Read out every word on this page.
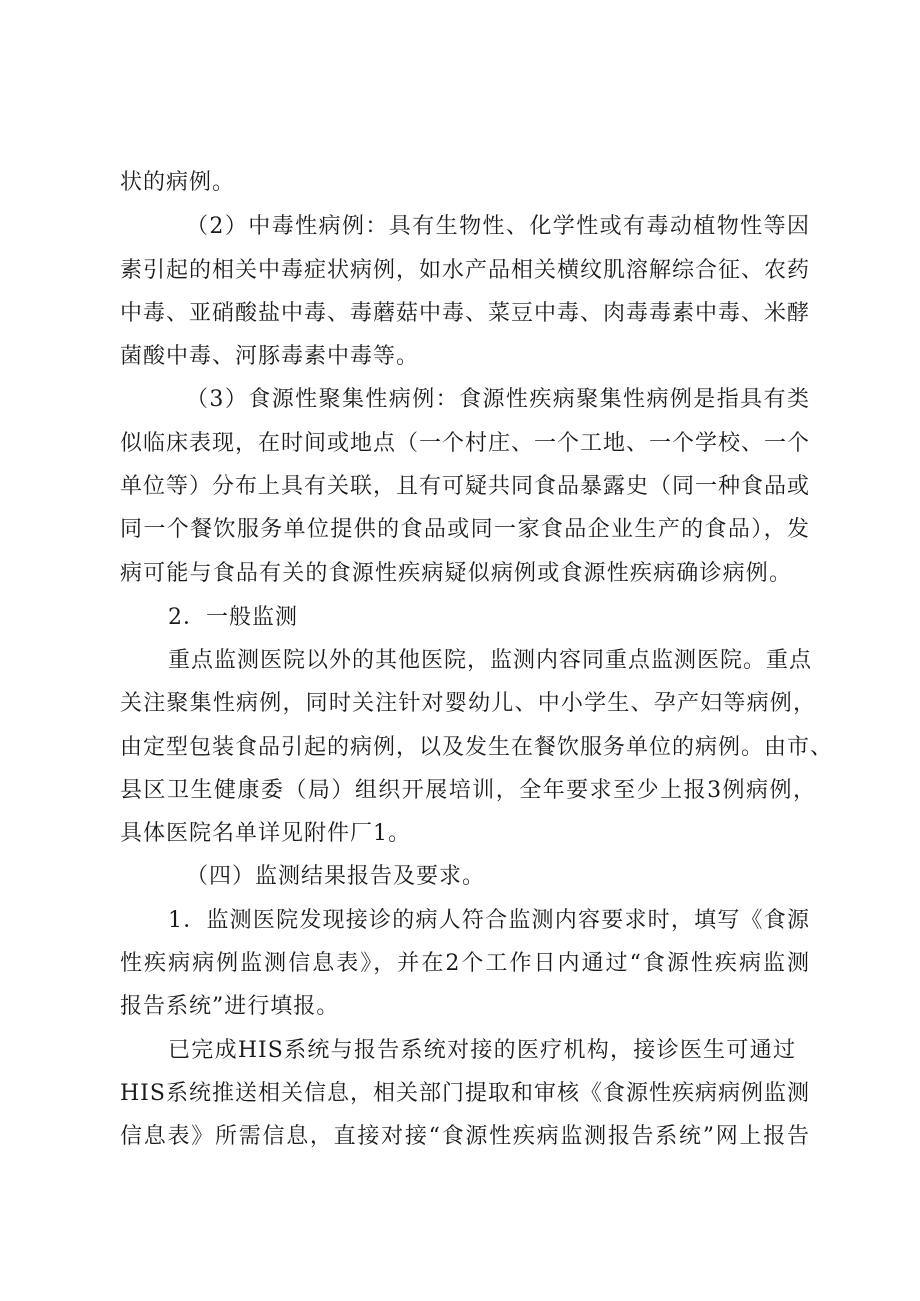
状的病例。
（2）中毒性病例：具有生物性、化学性或有毒动植物性等因
素引起的相关中毒症状病例，如水产品相关横纹肌溶解综合征、农药
中毒、亚硝酸盐中毒、毒蘑菇中毒、菜豆中毒、肉毒毒素中毒、米酵
菌酸中毒、河豚毒素中毒等。
（3）食源性聚集性病例：食源性疾病聚集性病例是指具有类
似临床表现，在时间或地点（一个村庄、一个工地、一个学校、一个
单位等）分布上具有关联，且有可疑共同食品暴露史（同一种食品或
同一个餐饮服务单位提供的食品或同一家食品企业生产的食品），发
病可能与食品有关的食源性疾病疑似病例或食源性疾病确诊病例。
2．一般监测
重点监测医院以外的其他医院，监测内容同重点监测医院。重点
关注聚集性病例，同时关注针对婴幼儿、中小学生、孕产妇等病例，
由定型包装食品引起的病例，以及发生在餐饮服务单位的病例。由市、
县区卫生健康委（局）组织开展培训，全年要求至少上报3例病例，
具体医院名单详见附件厂1。
（四）监测结果报告及要求。
1．监测医院发现接诊的病人符合监测内容要求时，填写《食源
性疾病病例监测信息表》，并在2个工作日内通过“食源性疾病监测
报告系统”进行填报。
已完成HIS系统与报告系统对接的医疗机构，接诊医生可通过
HIS系统推送相关信息，相关部门提取和审核《食源性疾病病例监测
信息表》所需信息，直接对接“食源性疾病监测报告系统”网上报告
